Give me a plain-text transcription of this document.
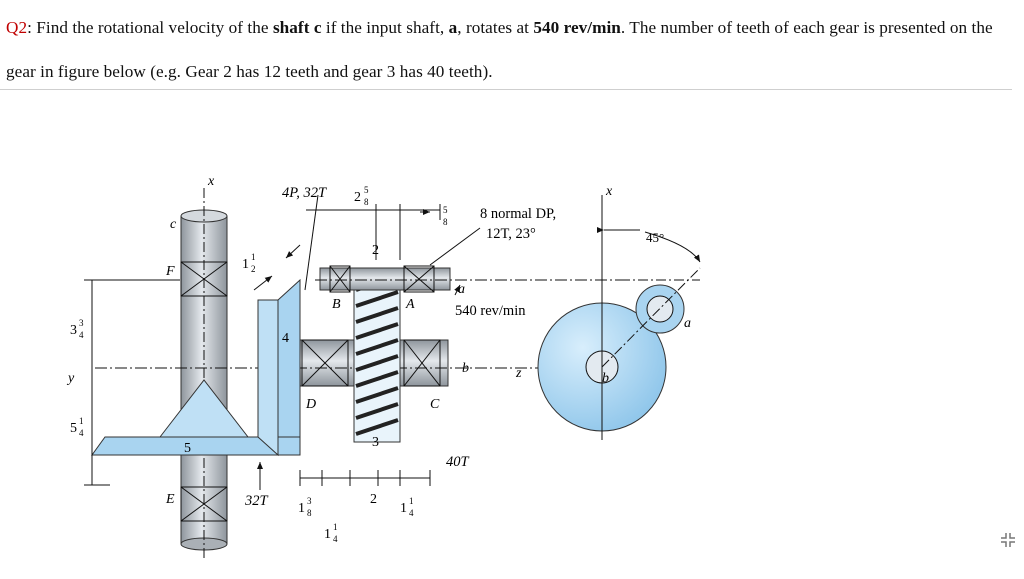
Q2: Find the rotational velocity of the shaft c if the input shaft, a, rotates at 540 rev/min. The number of teeth of each gear is presented on the gear in figure below (e.g. Gear 2 has 12 teeth and gear 3 has 40 teeth).
x
x
y	z
c
F
E
B	A
C
D
2
3
4
5
a
b
a
b
4P, 32T
8 normal DP,
12T, 23°	45°
540 rev/min
40T
32T	2
2 5
8
5
8
1 1
2
3 3
4
5 1
4
1 3
8	1 1
4
1 1
4
